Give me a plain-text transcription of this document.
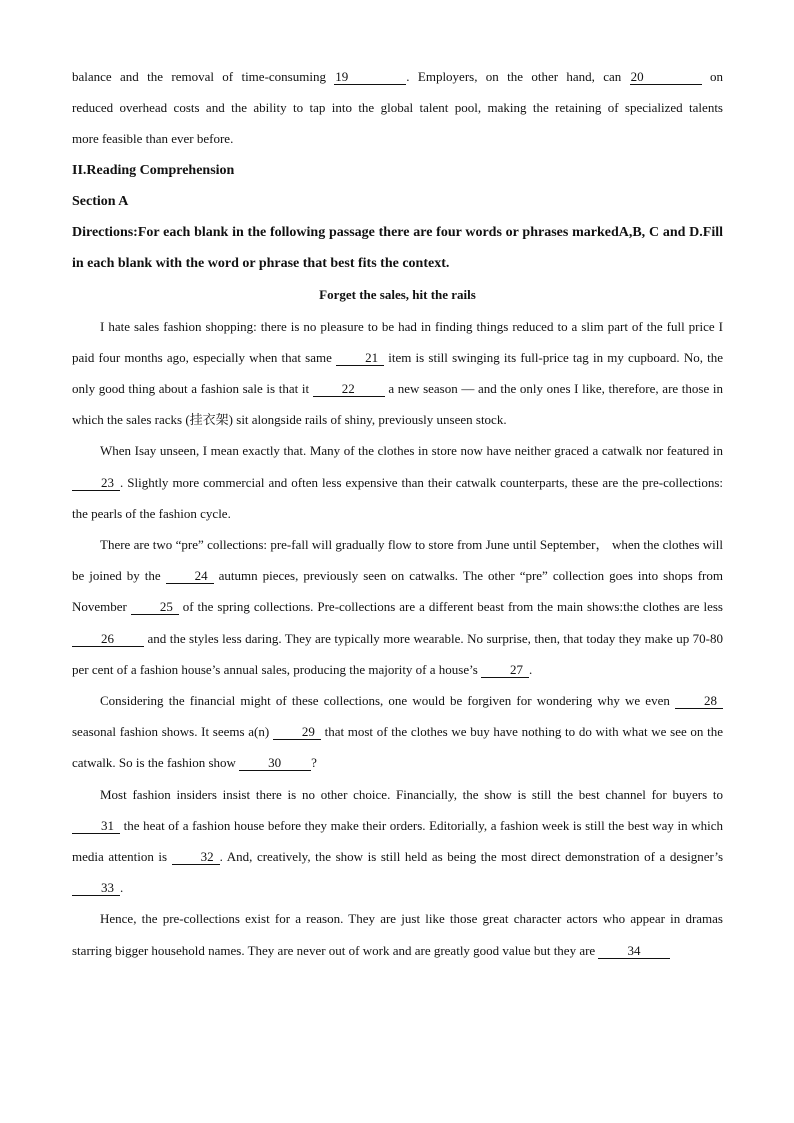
balance and the removal of time-consuming 19	. Employers, on the other hand, can 20	on

reduced overhead costs and the ability to tap into the global talent pool, making the retaining of specialized talents

more feasible than ever before.

II.Reading Comprehension

Section A

Directions:For each blank in the following passage there are four words or phrases markedA,B, C and D.Fill in each blank with the word or phrase that best fits the context.

Forget the sales, hit the rails

I hate sales fashion shopping: there is no pleasure to be had in finding things reduced to a slim part of the full price I paid four months ago, especially when that same	21 item is still swinging its full-price tag in my cupboard. No, the only good thing about a fashion sale is that it	22	a new season — and the only ones I like, therefore, are those in which the sales racks (挂衣架) sit alongside rails of shiny, previously unseen stock.

When Isay unseen, I mean exactly that. Many of the clothes in store now have neither graced a catwalk nor featured in 23 . Slightly more commercial and often less expensive than their catwalk counterparts, these are the pre-collections: the pearls of the fashion cycle.

There are two “pre” collections: pre-fall will gradually flow to store from June until September， when the clothes will be joined by the	24 autumn pieces, previously seen on catwalks. The other “pre” collection goes into shops from November	25 of the spring collections. Pre-collections are a different beast from the main shows:the clothes are less 26	and the styles less daring. They are typically more wearable. No surprise, then, that today they make up 70-80 per cent of a fashion house’s annual sales, producing the majority of a house’s 27 .

Considering the financial might of these collections, one would be forgiven for wondering why we even	28 seasonal fashion shows. It seems a(n)	29 that most of the clothes we buy have nothing to do with what we see on the catwalk. So is the fashion show 30 ?

Most fashion insiders insist there is no other choice. Financially, the show is still the best channel for buyers to 31 the heat of a fashion house before they make their orders. Editorially, a fashion week is still the best way in which media attention is	32 . And, creatively, the show is still held as being the most direct demonstration of a designer’s 33 .

Hence, the pre-collections exist for a reason. They are just like those great character actors who appear in dramas starring bigger household names. They are never out of work and are greatly good value but they are 34
